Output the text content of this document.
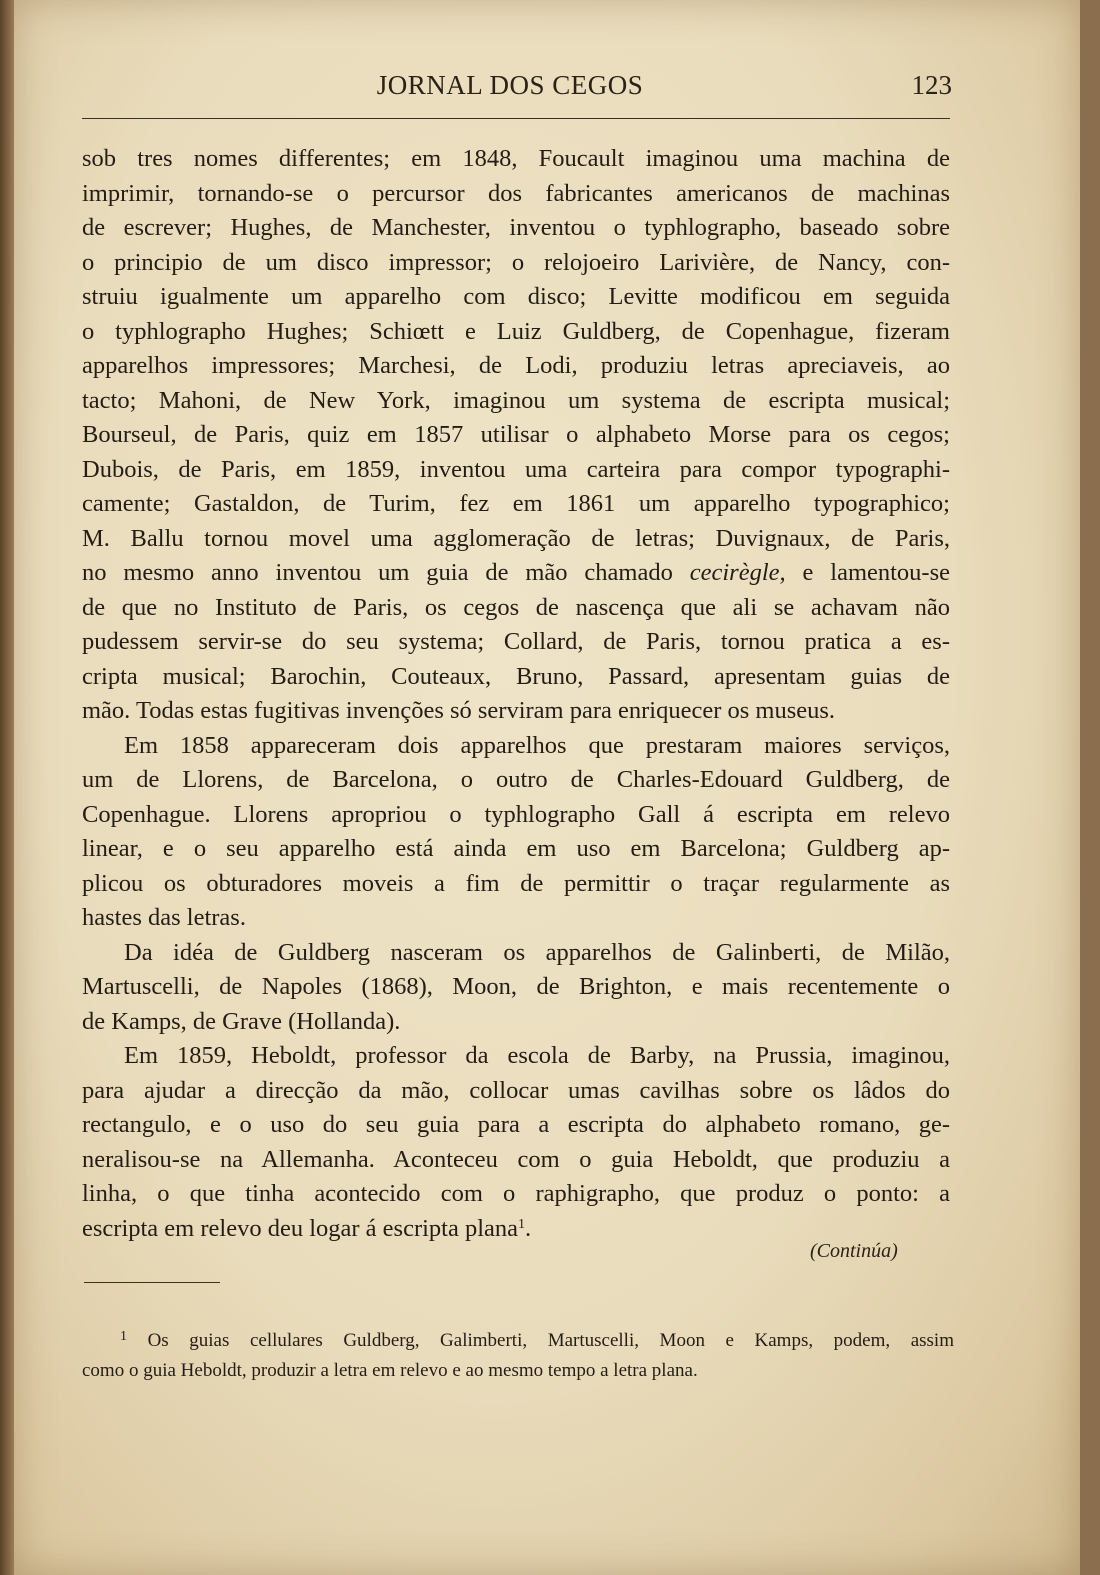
JORNAL DOS CEGOS	123

sob tres nomes differentes; em 1848, Foucault imaginou uma machina de
imprimir, tornando-se o percursor dos fabricantes americanos de machinas
de escrever; Hughes, de Manchester, inventou o typhlographo, baseado sobre
o principio de um disco impressor; o relojoeiro Larivière, de Nancy, con-
struiu igualmente um apparelho com disco; Levitte modificou em seguida
o typhlographo Hughes; Schiœtt e Luiz Guldberg, de Copenhague, fizeram
apparelhos impressores; Marchesi, de Lodi, produziu letras apreciaveis, ao
tacto; Mahoni, de New York, imaginou um systema de escripta musical;
Bourseul, de Paris, quiz em 1857 utilisar o alphabeto Morse para os cegos;
Dubois, de Paris, em 1859, inventou uma carteira para compor typographi-
camente; Gastaldon, de Turim, fez em 1861 um apparelho typographico;
M. Ballu tornou movel uma agglomeração de letras; Duvignaux, de Paris,
no mesmo anno inventou um guia de mão chamado cecirègle, e lamentou-se
de que no Instituto de Paris, os cegos de nascença que ali se achavam não
pudessem servir-se do seu systema; Collard, de Paris, tornou pratica a es-
cripta musical; Barochin, Couteaux, Bruno, Passard, apresentam guias de
mão. Todas estas fugitivas invenções só serviram para enriquecer os museus.

Em 1858 appareceram dois apparelhos que prestaram maiores serviços,
um de Llorens, de Barcelona, o outro de Charles-Edouard Guldberg, de
Copenhague. Llorens apropriou o typhlographo Gall á escripta em relevo
linear, e o seu apparelho está ainda em uso em Barcelona; Guldberg ap-
plicou os obturadores moveis a fim de permittir o traçar regularmente as
hastes das letras.

Da idéa de Guldberg nasceram os apparelhos de Galinberti, de Milão,
Martuscelli, de Napoles (1868), Moon, de Brighton, e mais recentemente o
de Kamps, de Grave (Hollanda).

Em 1859, Heboldt, professor da escola de Barby, na Prussia, imaginou,
para ajudar a direcção da mão, collocar umas cavilhas sobre os lâdos do
rectangulo, e o uso do seu guia para a escripta do alphabeto romano, ge-
neralisou-se na Allemanha. Aconteceu com o guia Heboldt, que produziu a
linha, o que tinha acontecido com o raphigrapho, que produz o ponto: a
escripta em relevo deu logar á escripta plana$^1$.

(Continúa)
$^1$ Os guias cellulares Guldberg, Galimberti, Martuscelli, Moon e Kamps, podem, assim
como o guia Heboldt, produzir a letra em relevo e ao mesmo tempo a letra plana.
